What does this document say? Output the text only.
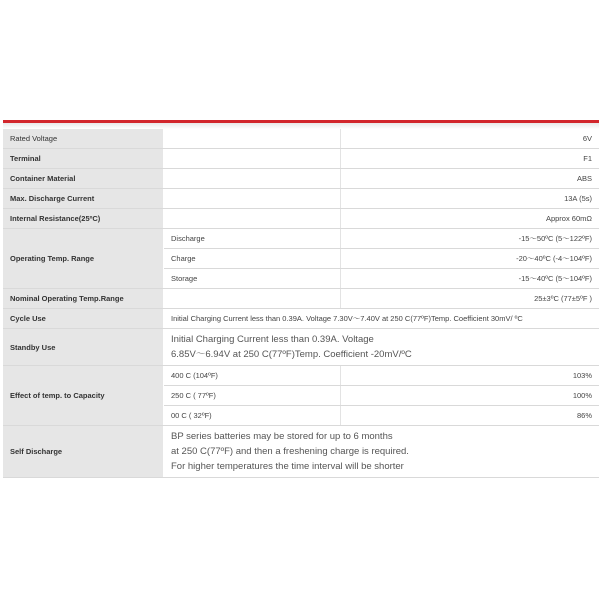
Rated Voltage		6V
Terminal		F1
Container Material		ABS
Max. Discharge Current		13A (5s)
Internal Resistance(25ºC)		Approx 60mΩ
Operating Temp. Range	Discharge	-15～50ºC (5～122ºF)
	Charge	-20～40ºC (-4～104ºF)
	Storage	-15～40ºC (5～104ºF)
Nominal Operating Temp.Range		25±3ºC (77±5ºF )
Cycle Use	Initial Charging Current less than 0.39A. Voltage 7.30V～7.40V at 250 C(77ºF)Temp. Coefficient 30mV/ ºC	
Standby Use	Initial Charging Current less than 0.39A. Voltage
6.85V～6.94V at 250 C(77ºF)Temp. Coefficient -20mV/ºC	

Effect of temp. to Capacity	400 C (104ºF)	103%
	250 C ( 77ºF)	100%
	00 C ( 32ºF)	86%
Self Discharge	BP series batteries may be stored for up to 6 months
at 250 C(77ºF) and then a freshening charge is required.
For higher temperatures the time interval will be shorter	
